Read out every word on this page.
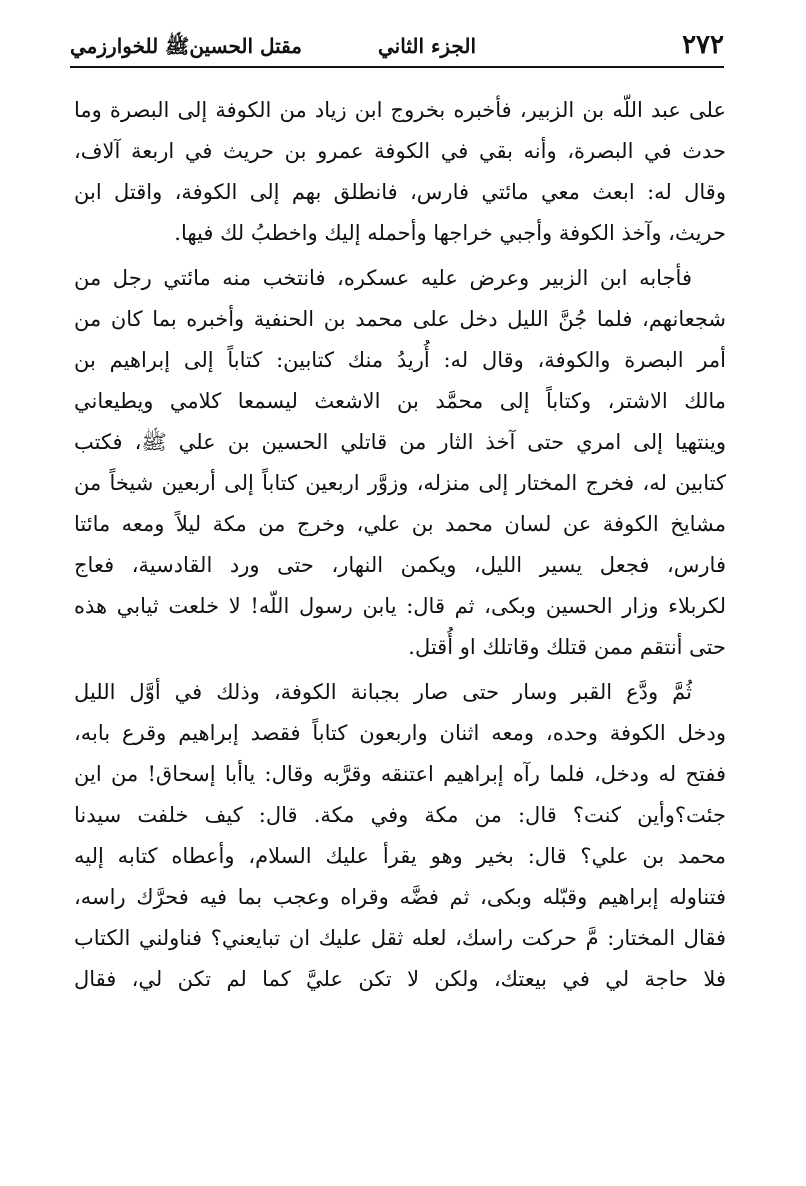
٢٧٢
الجزء الثاني
مقتل الحسينﷺ للخوارزمي
على عبد اللّه بن الزبير، فأخبره بخروج ابن زياد من الكوفة إلى البصرة وما
حدث في البصرة، وأنه بقي في الكوفة عمرو بن حريث في اربعة آلاف،
وقال له: ابعث معي مائتي فارس، فانطلق بهم إلى الكوفة، واقتل ابن
حريث، وآخذ الكوفة وأجبي خراجها وأحمله إليك واخطبُ لك فيها.
فأجابه ابن الزبير وعرض عليه عسكره، فانتخب منه مائتي رجل من
شجعانهم، فلما جُنَّ الليل دخل على محمد بن الحنفية وأخبره بما كان من
أمر البصرة والكوفة، وقال له: أُريدُ منك كتابين: كتاباً إلى إبراهيم بن
مالك الاشتر، وكتاباً إلى محمَّد بن الاشعث ليسمعا كلامي ويطيعاني
وينتهيا إلى امري حتى آخذ الثار من قاتلي الحسين بن علي ﷺ، فكتب
كتابين له، فخرج المختار إلى منزله، وزوَّر اربعين كتاباً إلى أربعين شيخاً من
مشايخ الكوفة عن لسان محمد بن علي، وخرج من مكة ليلاً ومعه مائتا
فارس، فجعل يسير الليل، ويكمن النهار، حتى ورد القادسية، فعاج
لكربلاء وزار الحسين وبكى، ثم قال: يابن رسول اللّه! لا خلعت ثيابي هذه
حتى أنتقم ممن قتلك وقاتلك او أُقتل.
ثُمَّ ودَّع القبر وسار حتى صار بجبانة الكوفة، وذلك في أوَّل الليل
ودخل الكوفة وحده، ومعه اثنان واربعون كتاباً فقصد إبراهيم وقرع بابه،
ففتح له ودخل، فلما رآه إبراهيم اعتنقه وقرَّبه وقال: ياأبا إسحاق! من اين
جئت؟وأين كنت؟ قال: من مكة وفي مكة. قال: كيف خلفت سيدنا
محمد بن علي؟ قال: بخير وهو يقرأ عليك السلام، وأعطاه كتابه إليه
فتناوله إبراهيم وقبّله وبكى، ثم فضَّه وقراه وعجب بما فيه فحرَّك راسه،
فقال المختار: مَّ حركت راسك، لعله ثقل عليك ان تبايعني؟ فناولني الكتاب
فلا حاجة لي في بيعتك، ولكن لا تكن عليَّ كما لم تكن لي، فقال
